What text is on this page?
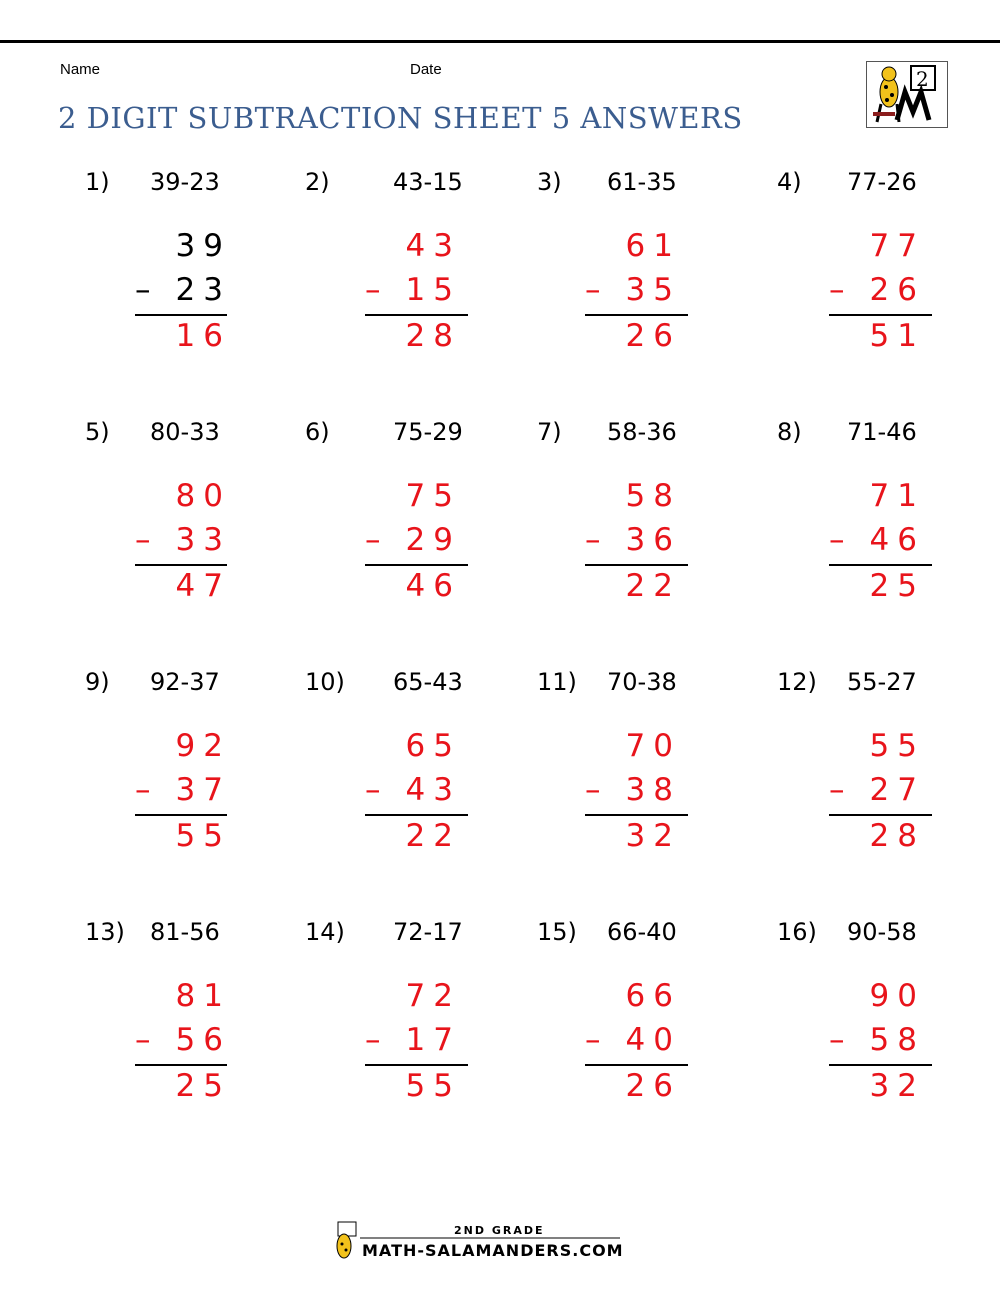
Name	Date
2 DIGIT SUBTRACTION SHEET 5 ANSWERS
2
1) 39-23
39
– 23
16
2)	43-15
43
– 15
28
3) 61-35
61
– 35
26
4) 77-26
77
– 26
51
5) 80-33
80
– 33
47
6)	75-29
75
– 29
46
7) 58-36
58
– 36
22
8) 71-46
71
– 46
25
9) 92-37
92
– 37
55
10) 65-43
65
– 43
22
11) 70-38
70
– 38
32
12) 55-27
55
– 27
28
13) 81-56
81
– 56
25
14) 72-17
72
– 17
55
15) 66-40
66
– 40
26
16) 90-58
90
– 58
32
2ND GRADE
MATH-SALAMANDERS.COM
